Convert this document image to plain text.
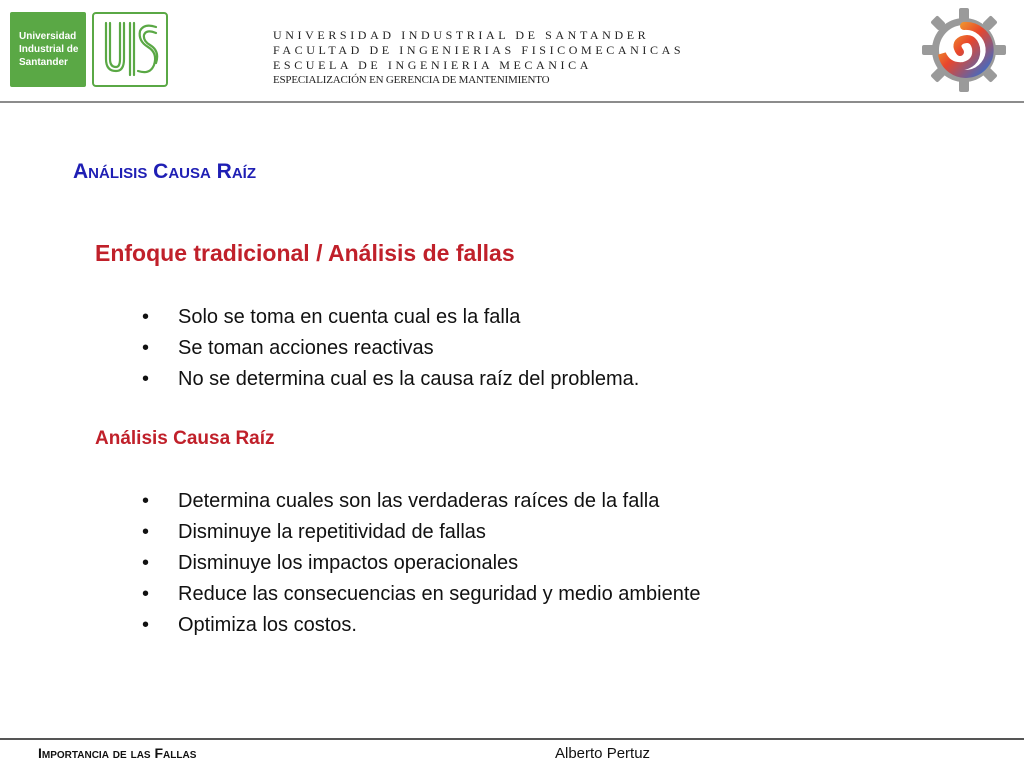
Universidad
Industrial de
Santander
UNIVERSIDAD INDUSTRIAL DE SANTANDER
FACULTAD DE INGENIERIAS FISICOMECANICAS
ESCUELA DE INGENIERIA MECANICA
ESPECIALIZACIÓN EN GERENCIA DE MANTENIMIENTO
Análisis Causa Raíz
Enfoque tradicional / Análisis de fallas
• Solo se toma en cuenta cual es la falla
• Se toman acciones reactivas
• No se determina cual es la causa raíz del problema.
Análisis Causa Raíz
• Determina cuales son las verdaderas raíces de la falla
• Disminuye la repetitividad de fallas
• Disminuye los impactos operacionales
• Reduce las consecuencias en seguridad y medio ambiente
• Optimiza los costos.
Importancia de las Fallas	Alberto Pertuz
